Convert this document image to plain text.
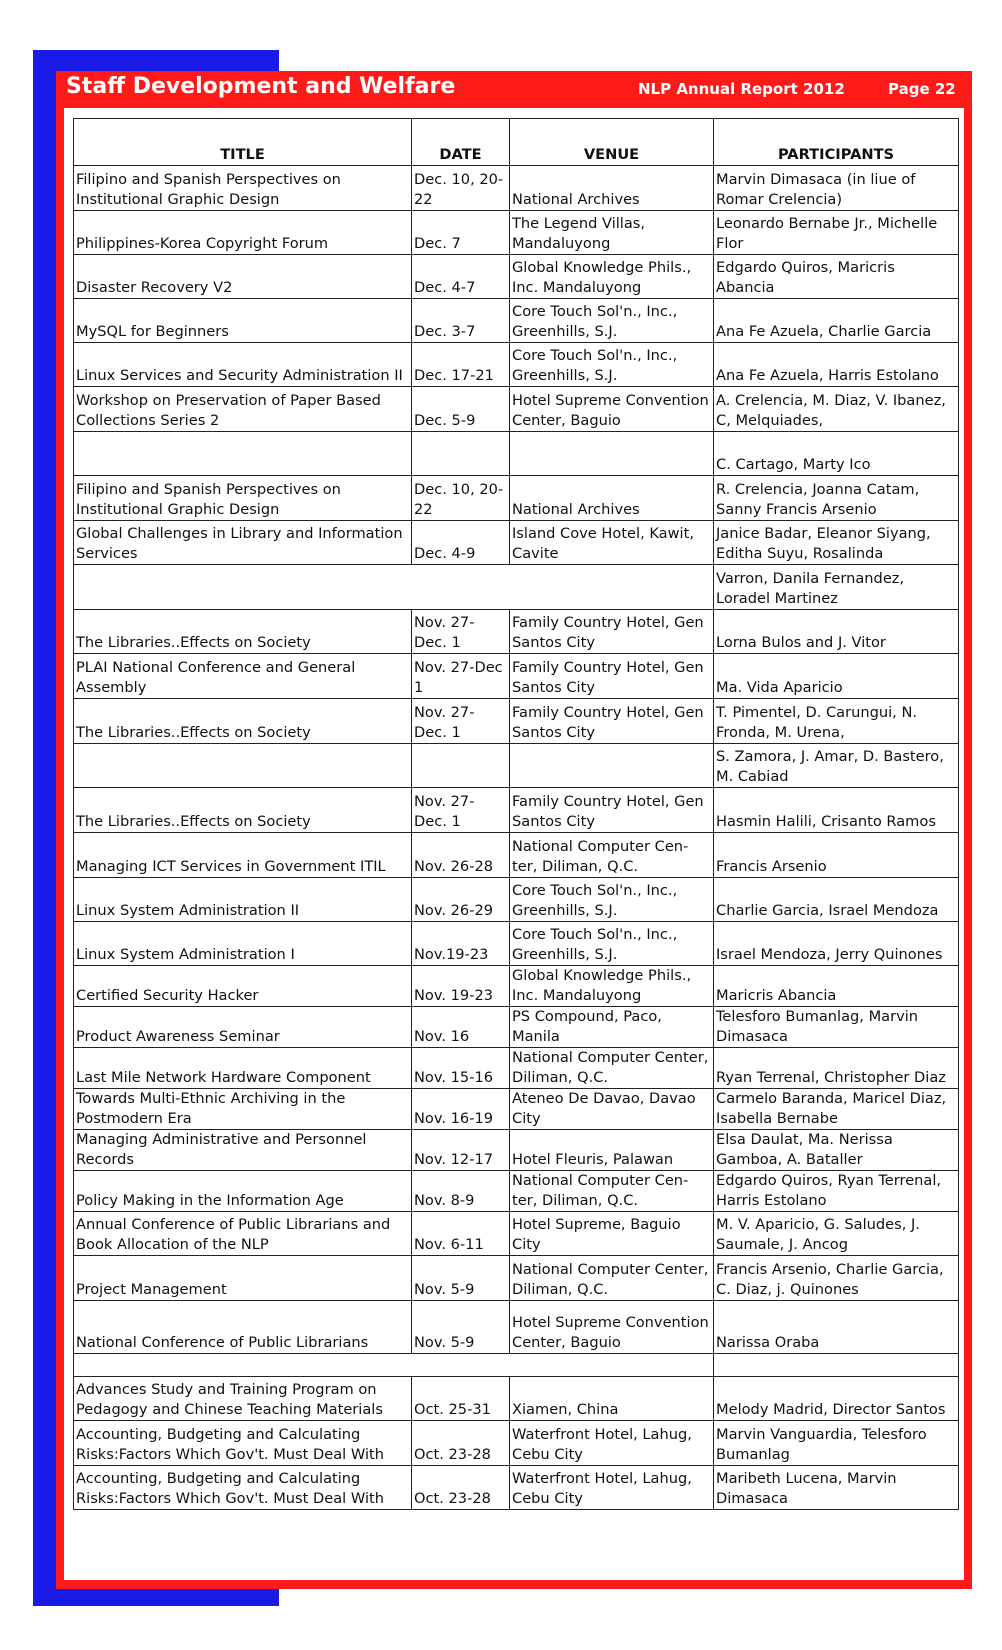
Staff Development and Welfare	NLP Annual Report 2012	Page 22
TITLE	DATE	VENUE	PARTICIPANTS
Filipino and Spanish Perspectives on Institutional Graphic Design	Dec. 10, 20-22	National Archives	Marvin Dimasaca (in liue of Romar Crelencia)
Philippines-Korea Copyright Forum	Dec. 7	The Legend Villas, Mandaluyong	Leonardo Bernabe Jr., Michelle Flor
Disaster Recovery V2	Dec. 4-7	Global Knowledge Phils., Inc. Mandaluyong	Edgardo Quiros, Maricris Abancia
MySQL for Beginners	Dec. 3-7	Core Touch Sol'n., Inc., Greenhills, S.J.	Ana Fe Azuela, Charlie Garcia
Linux Services and Security Administration II	Dec. 17-21	Core Touch Sol'n., Inc., Greenhills, S.J.	Ana Fe Azuela, Harris Estolano
Workshop on Preservation of Paper Based Collections Series 2	Dec. 5-9	Hotel Supreme Convention Center, Baguio	A. Crelencia, M. Diaz, V. Ibanez, C, Melquiades,
			C. Cartago, Marty Ico
Filipino and Spanish Perspectives on Institutional Graphic Design	Dec. 10, 20-22	National Archives	R. Crelencia, Joanna Catam, Sanny Francis Arsenio
Global Challenges in Library and Information Services	Dec. 4-9	Island Cove Hotel, Kawit, Cavite	Janice Badar, Eleanor Siyang, Editha Suyu, Rosalinda
			Varron, Danila Fernandez, Loradel Martinez
The Libraries..Effects on Society	Nov. 27-Dec. 1	Family Country Hotel, Gen Santos City	Lorna Bulos and J. Vitor
PLAI National Conference and General Assembly	Nov. 27-Dec 1	Family Country Hotel, Gen Santos City	Ma. Vida Aparicio
The Libraries..Effects on Society	Nov. 27-Dec. 1	Family Country Hotel, Gen Santos City	T. Pimentel, D. Carungui, N. Fronda, M. Urena,
			S. Zamora, J. Amar, D. Bastero, M. Cabiad
The Libraries..Effects on Society	Nov. 27-Dec. 1	Family Country Hotel, Gen Santos City	Hasmin Halili, Crisanto Ramos
Managing ICT Services in Government ITIL	Nov. 26-28	National Computer Cen-ter, Diliman, Q.C.	Francis Arsenio
Linux System Administration II	Nov. 26-29	Core Touch Sol'n., Inc., Greenhills, S.J.	Charlie Garcia, Israel Mendoza
Linux System Administration I	Nov.19-23	Core Touch Sol'n., Inc., Greenhills, S.J.	Israel Mendoza, Jerry Quinones
Certified Security Hacker	Nov. 19-23	Global Knowledge Phils., Inc. Mandaluyong	Maricris Abancia
Product Awareness Seminar	Nov. 16	PS Compound, Paco, Manila	Telesforo Bumanlag, Marvin Dimasaca
Last Mile Network Hardware Component	Nov. 15-16	National Computer Center, Diliman, Q.C.	Ryan Terrenal, Christopher Diaz
Towards Multi-Ethnic Archiving in the Postmodern Era	Nov. 16-19	Ateneo De Davao, Davao City	Carmelo Baranda, Maricel Diaz, Isabella Bernabe
Managing Administrative and Personnel Records	Nov. 12-17	Hotel Fleuris, Palawan	Elsa Daulat, Ma. Nerissa Gamboa, A. Bataller
Policy Making in the Information Age	Nov. 8-9	National Computer Cen-ter, Diliman, Q.C.	Edgardo Quiros, Ryan Terrenal, Harris Estolano
Annual Conference of Public Librarians and Book Allocation of the NLP	Nov. 6-11	Hotel Supreme, Baguio City	M. V. Aparicio, G. Saludes, J. Saumale, J. Ancog
Project Management	Nov. 5-9	National Computer Center, Diliman, Q.C.	Francis Arsenio, Charlie Garcia, C. Diaz, j. Quinones
National Conference of Public Librarians	Nov. 5-9	Hotel Supreme Convention Center, Baguio	Narissa Oraba

Advances Study and Training Program on Pedagogy and Chinese Teaching Materials	Oct. 25-31	Xiamen, China	Melody Madrid, Director Santos
Accounting, Budgeting and Calculating Risks:Factors Which Gov't. Must Deal With	Oct. 23-28	Waterfront Hotel, Lahug, Cebu City	Marvin Vanguardia, Telesforo Bumanlag
Accounting, Budgeting and Calculating Risks:Factors Which Gov't. Must Deal With	Oct. 23-28	Waterfront Hotel, Lahug, Cebu City	Maribeth Lucena, Marvin Dimasaca
